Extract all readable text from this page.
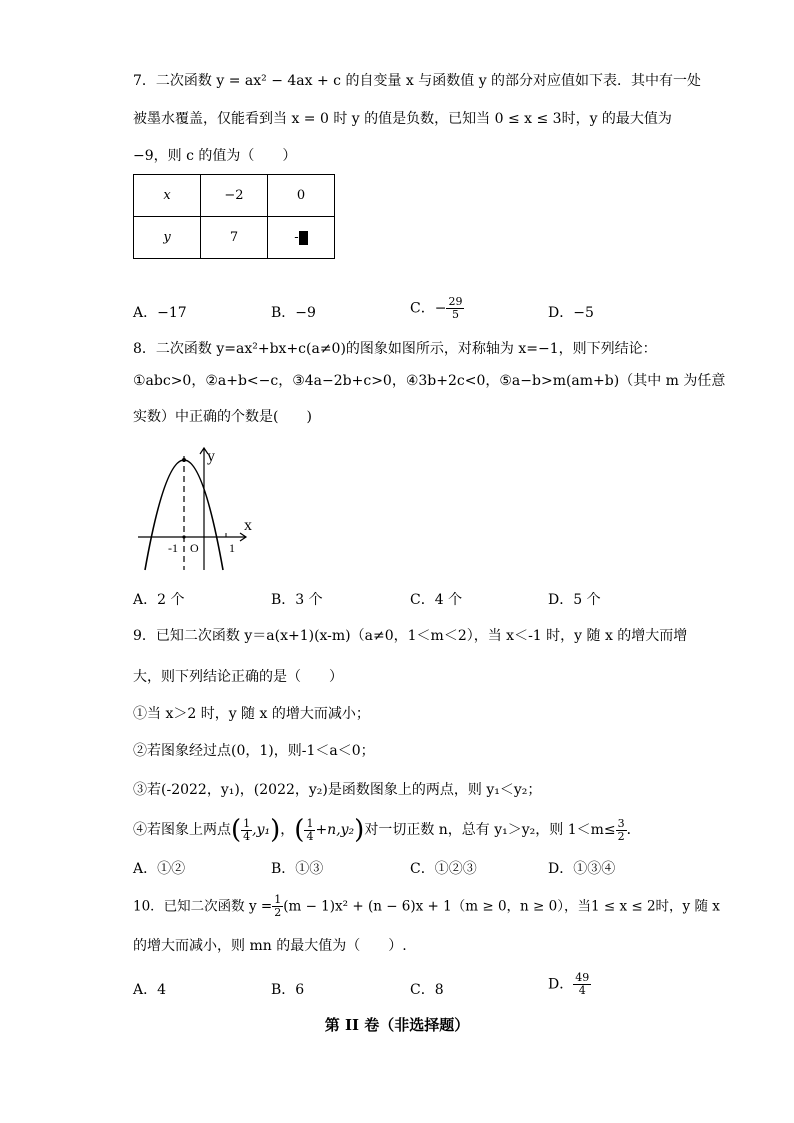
7．二次函数 y = ax² − 4ax + c 的自变量 x 与函数值 y 的部分对应值如下表．其中有一处
被墨水覆盖，仅能看到当 x = 0 时 y 的值是负数，已知当 0 ≤ x ≤ 3时，y 的最大值为
−9，则 c 的值为（　　）
x	−2	0
y	7	-
A．−17	B．−9	C．− $\frac{29}{5}$	D．−5
8．二次函数 y=ax²+bx+c(a≠0)的图象如图所示，对称轴为 x=−1，则下列结论：
①abc>0，②a+b<−c，③4a−2b+c>0，④3b+2c<0，⑤a−b>m(am+b)（其中 m 为任意
实数）中正确的个数是(　　)
y
x
-1 O	1
A．2 个	B．3 个	C．4 个	D．5 个
9．已知二次函数 y＝a(x+1)(x-m)（a≠0，1＜m＜2），当 x＜-1 时，y 随 x 的增大而增
大，则下列结论正确的是（　　）
①当 x＞2 时，y 随 x 的增大而减小；
②若图象经过点(0，1)，则-1＜a＜0；
③若(-2022，y₁)，(2022，y₂)是函数图象上的两点，则 y₁＜y₂；
④若图象上两点( $\frac{1}{4} ,y_1$)，( $\frac{1}{4} +n,y_2$)对一切正数 n，总有 y₁＞y₂，则 $1<m\le \frac{3}{2}$ ．
A．①②	B．①③	C．①②③	D．①③④
10．已知二次函数 $y = \frac{1}{2} (m - 1)x^2 + (n - 6)x + 1(m \ge 0$，n ≥ 0），当1 ≤ x ≤ 2时，y 随 x
的增大而减小，则 mn 的最大值为（　　）.
A．4	B．6	C．8	D． $\frac{49}{4}$
第 II 卷（非选择题）
